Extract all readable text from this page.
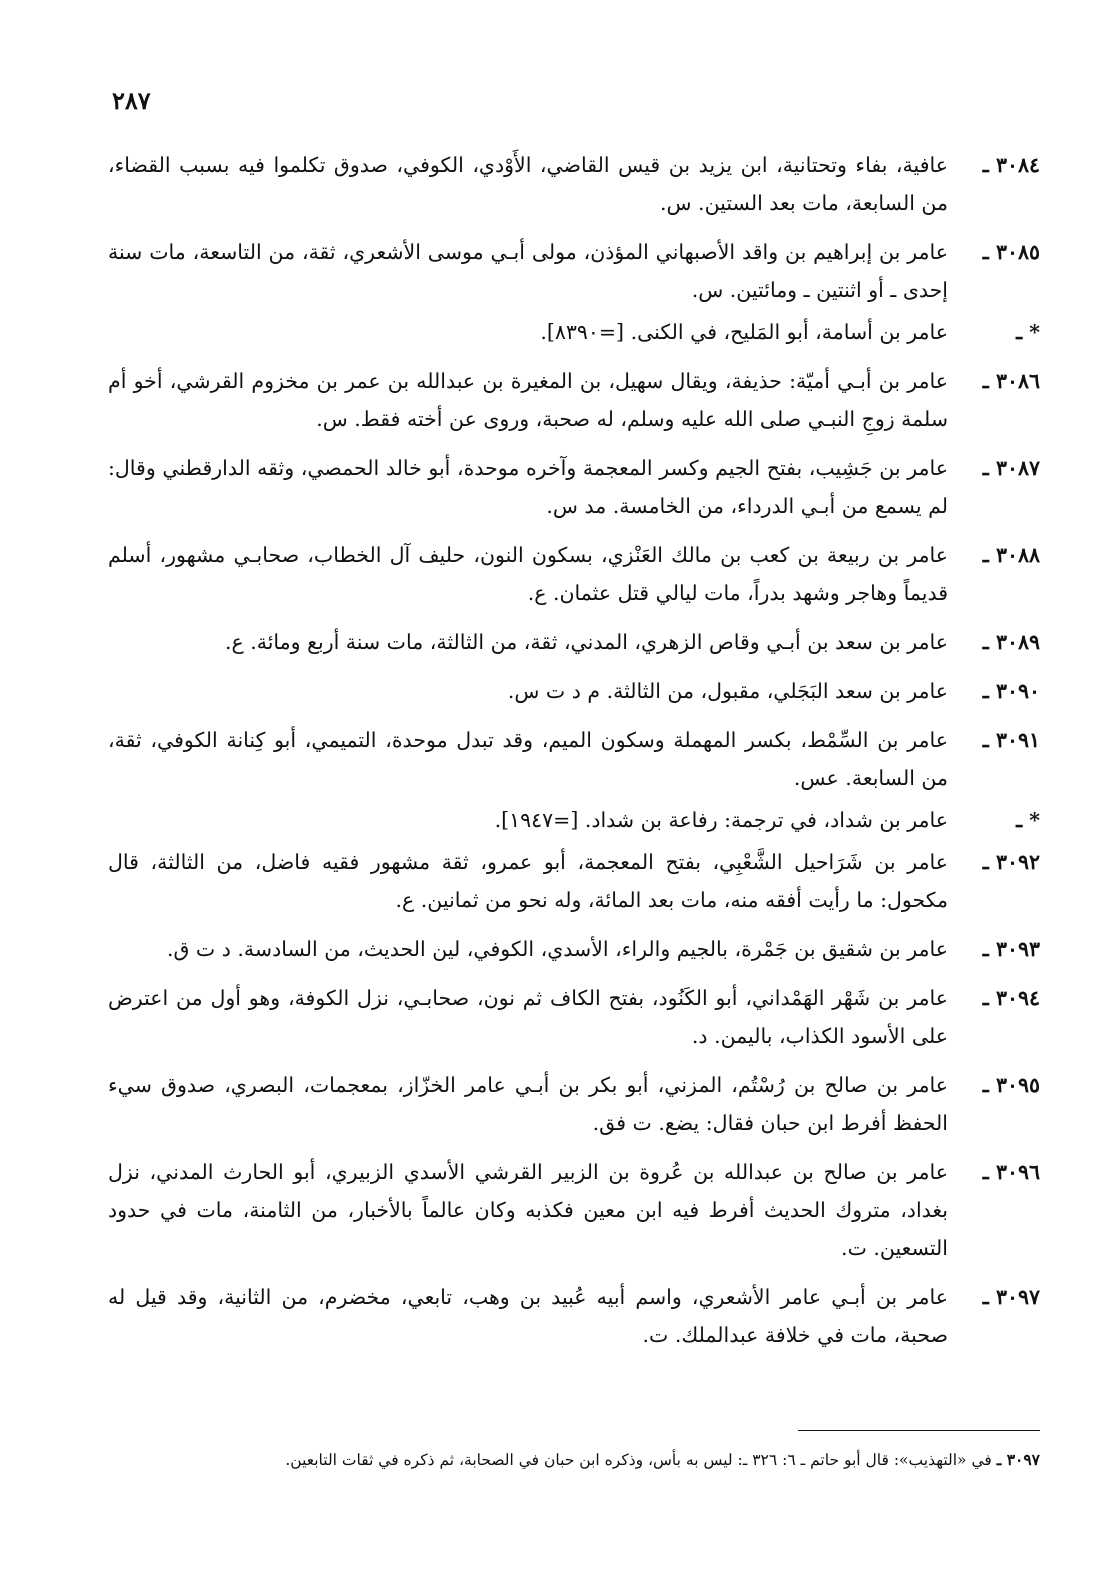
٢٨٧
٣٠٨٤ ـ
عافية، بفاء وتحتانية، ابن يزيد بن قيس القاضي، الأَوْدي، الكوفي، صدوق تكلموا فيه بسبب القضاء، من السابعة، مات بعد الستين. س.
٣٠٨٥ ـ
عامر بن إبراهيم بن واقد الأصبهاني المؤذن، مولى أبـي موسى الأشعري، ثقة، من التاسعة، مات سنة إحدى ـ أو اثنتين ـ ومائتين. س.
* ـ
عامر بن أسامة، أبو المَليح، في الكنى. [=٨٣٩٠].
٣٠٨٦ ـ
عامر بن أبـي أميّة: حذيفة، ويقال سهيل، بن المغيرة بن عبدالله بن عمر بن مخزوم القرشي، أخو أم سلمة زوجِ النبـي صلى الله عليه وسلم، له صحبة، وروى عن أخته فقط. س.
٣٠٨٧ ـ
عامر بن جَشِيب، بفتح الجيم وكسر المعجمة وآخره موحدة، أبو خالد الحمصي، وثقه الدارقطني وقال: لم يسمع من أبـي الدرداء، من الخامسة. مد س.
٣٠٨٨ ـ
عامر بن ربيعة بن كعب بن مالك العَنْزي، بسكون النون، حليف آل الخطاب، صحابـي مشهور، أسلم قديماً وهاجر وشهد بدراً، مات ليالي قتل عثمان. ع.
٣٠٨٩ ـ
عامر بن سعد بن أبـي وقاص الزهري، المدني، ثقة، من الثالثة، مات سنة أربع ومائة. ع.
٣٠٩٠ ـ
عامر بن سعد البَجَلي، مقبول، من الثالثة. م د ت س.
٣٠٩١ ـ
عامر بن السِّمْط، بكسر المهملة وسكون الميم، وقد تبدل موحدة، التميمي، أبو كِنانة الكوفي، ثقة، من السابعة. عس.
* ـ
عامر بن شداد، في ترجمة: رفاعة بن شداد. [=١٩٤٧].
٣٠٩٢ ـ
عامر بن شَرَاحيل الشَّعْبِي، بفتح المعجمة، أبو عمرو، ثقة مشهور فقيه فاضل، من الثالثة، قال مكحول: ما رأيت أفقه منه، مات بعد المائة، وله نحو من ثمانين. ع.
٣٠٩٣ ـ
عامر بن شقيق بن جَمْرة، بالجيم والراء، الأسدي، الكوفي، لين الحديث، من السادسة. د ت ق.
٣٠٩٤ ـ
عامر بن شَهْر الهَمْداني، أبو الكَنُود، بفتح الكاف ثم نون، صحابـي، نزل الكوفة، وهو أول من اعترض على الأسود الكذاب، باليمن. د.
٣٠٩٥ ـ
عامر بن صالح بن رُسْتُم، المزني، أبو بكر بن أبـي عامر الخزّاز، بمعجمات، البصري، صدوق سيء الحفظ أفرط ابن حبان فقال: يضع. ت فق.
٣٠٩٦ ـ
عامر بن صالح بن عبدالله بن عُروة بن الزبير القرشي الأسدي الزبيري، أبو الحارث المدني، نزل بغداد، متروك الحديث أفرط فيه ابن معين فكذبه وكان عالماً بالأخبار، من الثامنة، مات في حدود التسعين. ت.
٣٠٩٧ ـ
عامر بن أبـي عامر الأشعري، واسم أبيه عُبيد بن وهب، تابعي، مخضرم، من الثانية، وقد قيل له صحبة، مات في خلافة عبدالملك. ت.
٣٠٩٧ ـ في «التهذيب»: قال أبو حاتم ـ ٦: ٣٢٦ ـ: ليس به بأس، وذكره ابن حبان في الصحابة، ثم ذكره في ثقات التابعين.
